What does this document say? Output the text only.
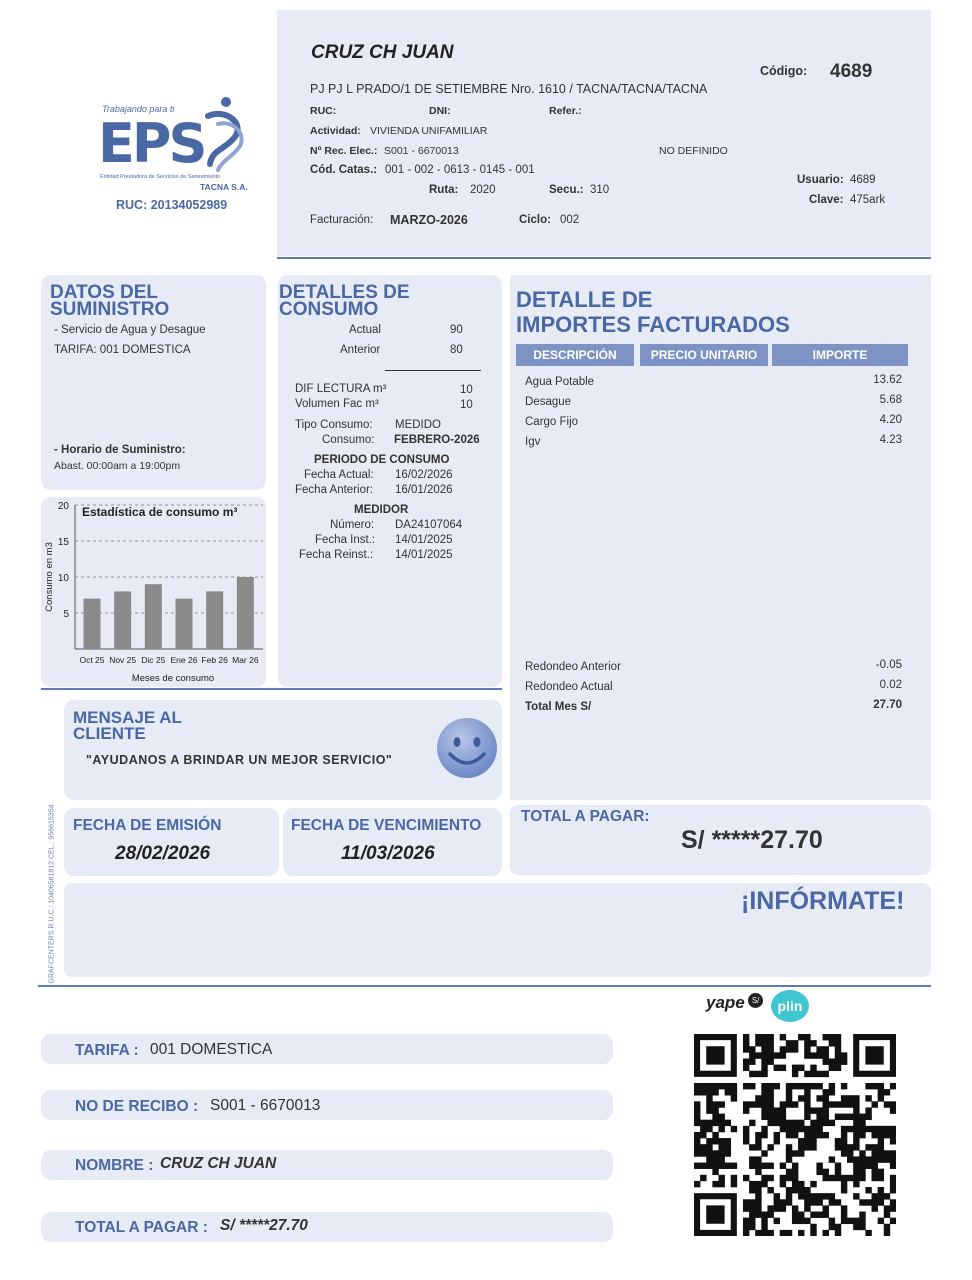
CRUZ CH JUAN
PJ PJ L PRADO/1 DE SETIEMBRE Nro. 1610 / TACNA/TACNA/TACNA
Código: 4689
RUC:	DNI:	Refer.:
Actividad: VIVIENDA UNIFAMILIAR
Nº Rec. Elec.: S001 - 6670013	NO DEFINIDO
Cód. Catas.: 001 - 002 - 0613 - 0145 - 001
Ruta: 2020	Secu.: 310
Usuario: 4689
Clave: 475ark
Facturación: MARZO-2026	Ciclo: 002
Trabajando para ti
EPS
Entidad Prestadora de Servicios de Saneamiento
TACNA S.A.
RUC: 20134052989
DATOS DEL
SUMINISTRO
- Servicio de Agua y Desague
TARIFA: 001 DOMESTICA
- Horario de Suministro:
Abast. 00:00am a 19:00pm
5
10
15
20 Estadística de consumo m³
Oct 25 Nov 25 Dic 25 Ene 26 Feb 26 Mar 26
Meses de consumo
Consumo en m3
DETALLES DE
CONSUMO
Actual	90
Anterior	80
DIF LECTURA m³	10
Volumen Fac m³	10
Tipo Consumo: MEDIDO
Consumo: FEBRERO-2026
PERIODO DE CONSUMO
Fecha Actual: 16/02/2026
Fecha Anterior: 16/01/2026
MEDIDOR
Número: DA24107064
Fecha Inst.: 14/01/2025
Fecha Reinst.: 14/01/2025
DETALLE DE
IMPORTES FACTURADOS
DESCRIPCIÓN	PRECIO UNITARIO	IMPORTE
Agua Potable	13.62
Desague	5.68
Cargo Fijo	4.20
Igv	4.23
Redondeo Anterior	-0.05
Redondeo Actual	0.02
Total Mes S/	27.70
MENSAJE AL
CLIENTE
"AYUDANOS A BRINDAR UN MEJOR SERVICIO"
GRAFCENTERS R.U.C.: 10406561812 CEL.: 956615354 FECHA DE EMISIÓN
28/02/2026
FECHA DE VENCIMIENTO
11/03/2026
TOTAL A PAGAR:
S/ *****27.70
¡INFÓRMATE!
yape S/	plin
TARIFA : 001 DOMESTICA
NO DE RECIBO : S001 - 6670013
NOMBRE : CRUZ CH JUAN
TOTAL A PAGAR : S/ *****27.70
